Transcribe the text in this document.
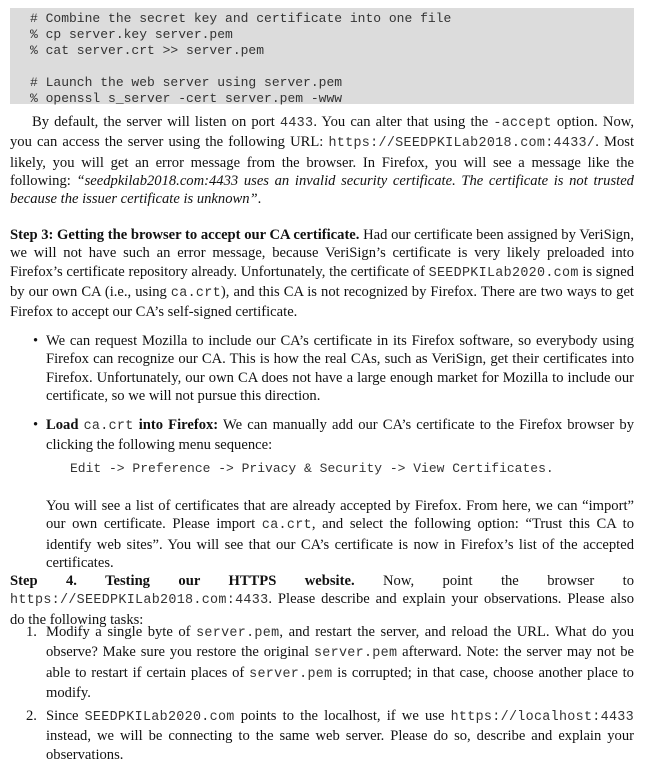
# Combine the secret key and certificate into one file
% cp server.key server.pem
% cat server.crt >> server.pem
# Launch the web server using server.pem
% openssl s_server -cert server.pem -www
By default, the server will listen on port 4433. You can alter that using the -accept option. Now, you can access the server using the following URL: https://SEEDPKILab2018.com:4433/. Most likely, you will get an error message from the browser. In Firefox, you will see a message like the following: “seedpkilab2018.com:4433 uses an invalid security certificate. The certificate is not trusted because the issuer certificate is unknown”.
Step 3: Getting the browser to accept our CA certificate. Had our certificate been assigned by VeriSign, we will not have such an error message, because VeriSign’s certificate is very likely preloaded into Firefox’s certificate repository already. Unfortunately, the certificate of SEEDPKILab2020.com is signed by our own CA (i.e., using ca.crt), and this CA is not recognized by Firefox. There are two ways to get Firefox to accept our CA’s self-signed certificate.
• We can request Mozilla to include our CA’s certificate in its Firefox software, so everybody using Firefox can recognize our CA. This is how the real CAs, such as VeriSign, get their certificates into Firefox. Unfortunately, our own CA does not have a large enough market for Mozilla to include our certificate, so we will not pursue this direction.
• Load ca.crt into Firefox: We can manually add our CA’s certificate to the Firefox browser by clicking the following menu sequence:
Edit -> Preference -> Privacy & Security -> View Certificates.
You will see a list of certificates that are already accepted by Firefox. From here, we can “import” our own certificate. Please import ca.crt, and select the following option: “Trust this CA to identify web sites”. You will see that our CA’s certificate is now in Firefox’s list of the accepted certificates.
Step 4. Testing our HTTPS website. Now, point the browser to https://SEEDPKILab2018.com:4433. Please describe and explain your observations. Please also do the following tasks:
1. Modify a single byte of server.pem, and restart the server, and reload the URL. What do you observe? Make sure you restore the original server.pem afterward. Note: the server may not be able to restart if certain places of server.pem is corrupted; in that case, choose another place to modify.
2. Since SEEDPKILab2020.com points to the localhost, if we use https://localhost:4433 instead, we will be connecting to the same web server. Please do so, describe and explain your observations.
